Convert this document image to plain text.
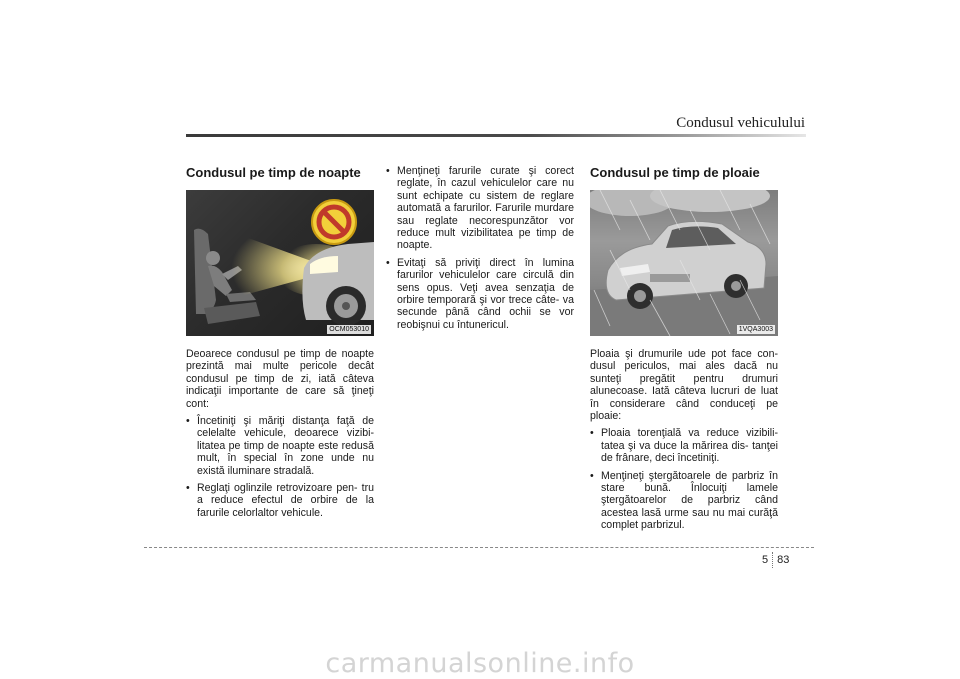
Condusul vehiculului
Condusul pe timp de noapte
OCM053010

Deoarece condusul pe timp de noapte prezintă mai multe pericole decât condusul pe timp de zi, iată câteva indicaţii importante de care să ţineţi cont:

• Încetiniţi şi măriţi distanţa faţă de celelalte vehicule, deoarece vizibi- litatea pe timp de noapte este redusă mult, în special în zone unde nu există iluminare stradală.
• Reglaţi oglinzile retrovizoare pen- tru a reduce efectul de orbire de la farurile celorlaltor vehicule.
• Menţineţi farurile curate şi corect reglate, în cazul vehiculelor care nu sunt echipate cu sistem de reglare automată a farurilor. Farurile murdare sau reglate necorespunzător vor reduce mult vizibilitatea pe timp de noapte.
• Evitaţi să priviţi direct în lumina farurilor vehiculelor care circulă din sens opus. Veţi avea senzaţia de orbire temporară şi vor trece câte- va secunde până când ochii se vor reobişnui cu întunericul.
Condusul pe timp de ploaie
1VQA3003

Ploaia şi drumurile ude pot face con- dusul periculos, mai ales dacă nu sunteţi pregătit pentru drumuri alunecoase. Iată câteva lucruri de luat în considerare când conduceţi pe ploaie:

• Ploaia torenţială va reduce vizibili- tatea şi va duce la mărirea dis- tanţei de frânare, deci încetiniţi.
• Menţineţi ştergătoarele de parbriz în stare bună. Înlocuiţi lamele ştergătoarelor de parbriz când acestea lasă urme sau nu mai curăţă complet parbrizul.
5 83
carmanualsonline.info
